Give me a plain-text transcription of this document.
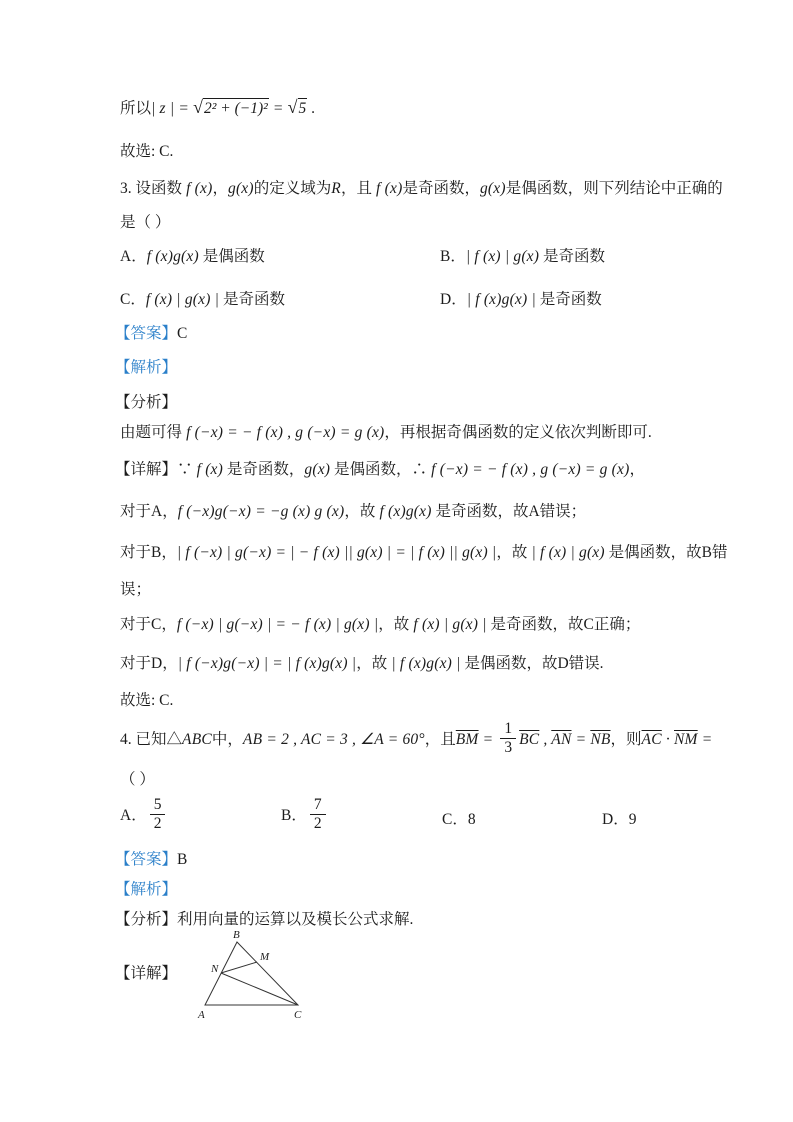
所以| z | = √2² + (−1)² = √5 .
故选: C.
3. 设函数 f (x)，g(x)的定义域为R，且 f (x)是奇函数，g(x)是偶函数，则下列结论中正确的
是（ ）
A．f (x)g(x) 是偶函数	B．| f (x) | g(x) 是奇函数
C．f (x) | g(x) | 是奇函数	D．| f (x)g(x) | 是奇函数
【答案】C
【解析】
【分析】
由题可得 f (−x) = − f (x) , g (−x) = g (x)，再根据奇偶函数的定义依次判断即可.
【详解】∵ f (x) 是奇函数，g(x) 是偶函数，∴ f (−x) = − f (x) , g (−x) = g (x)，
对于A，f (−x)g(−x) = −g (x) g (x)，故 f (x)g(x) 是奇函数，故A错误；
对于B，| f (−x) | g(−x) = | − f (x) || g(x) | = | f (x) || g(x) |，故 | f (x) | g(x) 是偶函数，故B错
误；
对于C，f (−x) | g(−x) | = − f (x) | g(x) |，故 f (x) | g(x) | 是奇函数，故C正确；
对于D，| f (−x)g(−x) | = | f (x)g(x) |，故 | f (x)g(x) | 是偶函数，故D错误.
故选: C.
4. 已知△ABC中，AB = 2 , AC = 3 , ∠A = 60°，且$\overline{BM} = \frac{1}{3} \overline{BC}$ , $\overline{AN} = \overline{NB}$，则$\overline{AC} \cdot \overline{NM}$ =
（ ）
A． $\frac{5}{2}$	B． $\frac{7}{2}$	C．8	D．9
【答案】B
【解析】
【分析】利用向量的运算以及模长公式求解.
【详解】
B
A	C
N
M
